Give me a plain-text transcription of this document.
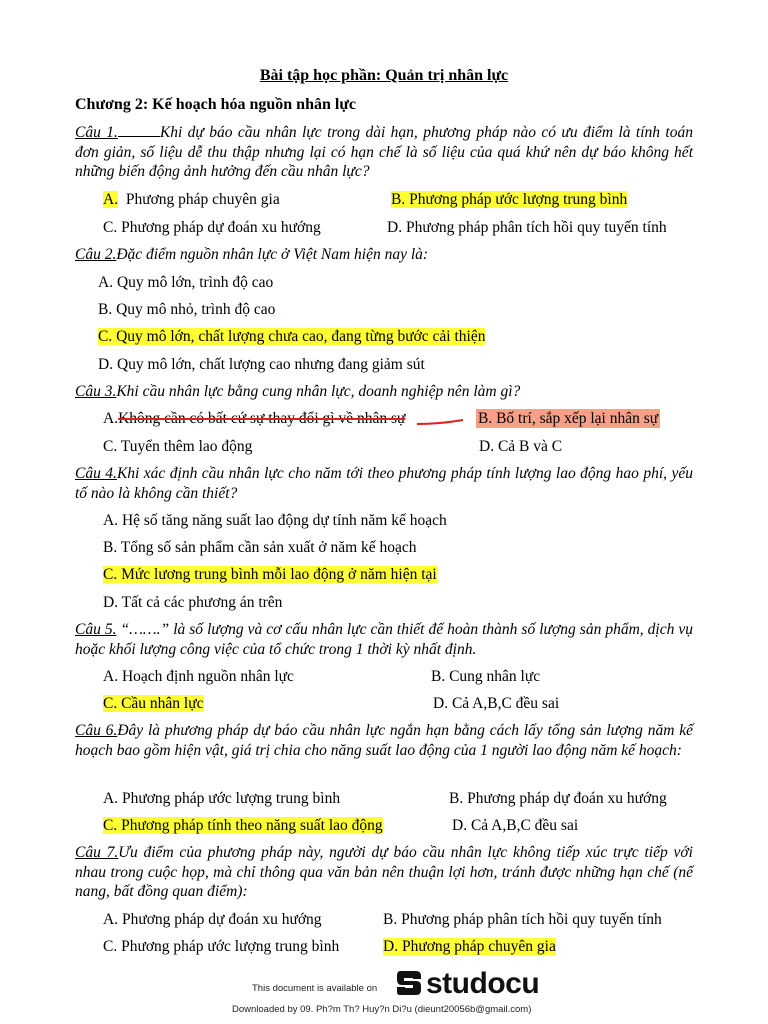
Bài tập học phần: Quản trị nhân lực
Chương 2: Kế hoạch hóa nguồn nhân lực
Câu 1.	Khi dự báo cầu nhân lực trong dài hạn, phương pháp nào có ưu điểm là tính toán đơn giản, số liệu dễ thu thập nhưng lại có hạn chế là số liệu của quá khứ nên dự báo không hết những biến động ảnh hưởng đến cầu nhân lực?
A. Phương pháp chuyên gia	B. Phương pháp ước lượng trung bình
C. Phương pháp dự đoán xu hướng	D. Phương pháp phân tích hồi quy tuyến tính
Câu 2.Đặc điểm nguồn nhân lực ở Việt Nam hiện nay là:
A. Quy mô lớn, trình độ cao
B. Quy mô nhỏ, trình độ cao
C. Quy mô lớn, chất lượng chưa cao, đang từng bước cải thiện
D. Quy mô lớn, chất lượng cao nhưng đang giảm sút
Câu 3.Khi cầu nhân lực bằng cung nhân lực, doanh nghiệp nên làm gì?
A.Không cần có bất cứ sự thay đổi gì về nhân sự	B. Bố trí, sắp xếp lại nhân sự
C. Tuyển thêm lao động	D. Cả B và C
Câu 4.Khi xác định cầu nhân lực cho năm tới theo phương pháp tính lượng lao động hao phí, yếu tố nào là không cần thiết?
A. Hệ số tăng năng suất lao động dự tính năm kế hoạch
B. Tổng số sản phẩm cần sản xuất ở năm kế hoạch
C. Mức lương trung bình mỗi lao động ở năm hiện tại
D. Tất cả các phương án trên
Câu 5. “…….” là số lượng và cơ cấu nhân lực cần thiết để hoàn thành số lượng sản phẩm, dịch vụ hoặc khối lượng công việc của tổ chức trong 1 thời kỳ nhất định.
A. Hoạch định nguồn nhân lực	B. Cung nhân lực
C. Cầu nhân lực	D. Cả A,B,C đều sai
Câu 6.Đây là phương pháp dự báo cầu nhân lực ngắn hạn bằng cách lấy tổng sản lượng năm kế hoạch bao gồm hiện vật, giá trị chia cho năng suất lao động của 1 người lao động năm kế hoạch:
A. Phương pháp ước lượng trung bình	B. Phương pháp dự đoán xu hướng
C. Phương pháp tính theo năng suất lao động	D. Cả A,B,C đều sai
Câu 7.Ưu điểm của phương pháp này, người dự báo cầu nhân lực không tiếp xúc trực tiếp với nhau trong cuộc họp, mà chỉ thông qua văn bản nên thuận lợi hơn, tránh được những hạn chế (nể nang, bất đồng quan điểm):
A. Phương pháp dự đoán xu hướng	B. Phương pháp phân tích hồi quy tuyến tính
C. Phương pháp ước lượng trung bình	D. Phương pháp chuyên gia
This document is available on studocu
Downloaded by 09. Ph?m Th? Huy?n Di?u (dieunt20056b@gmail.com)
